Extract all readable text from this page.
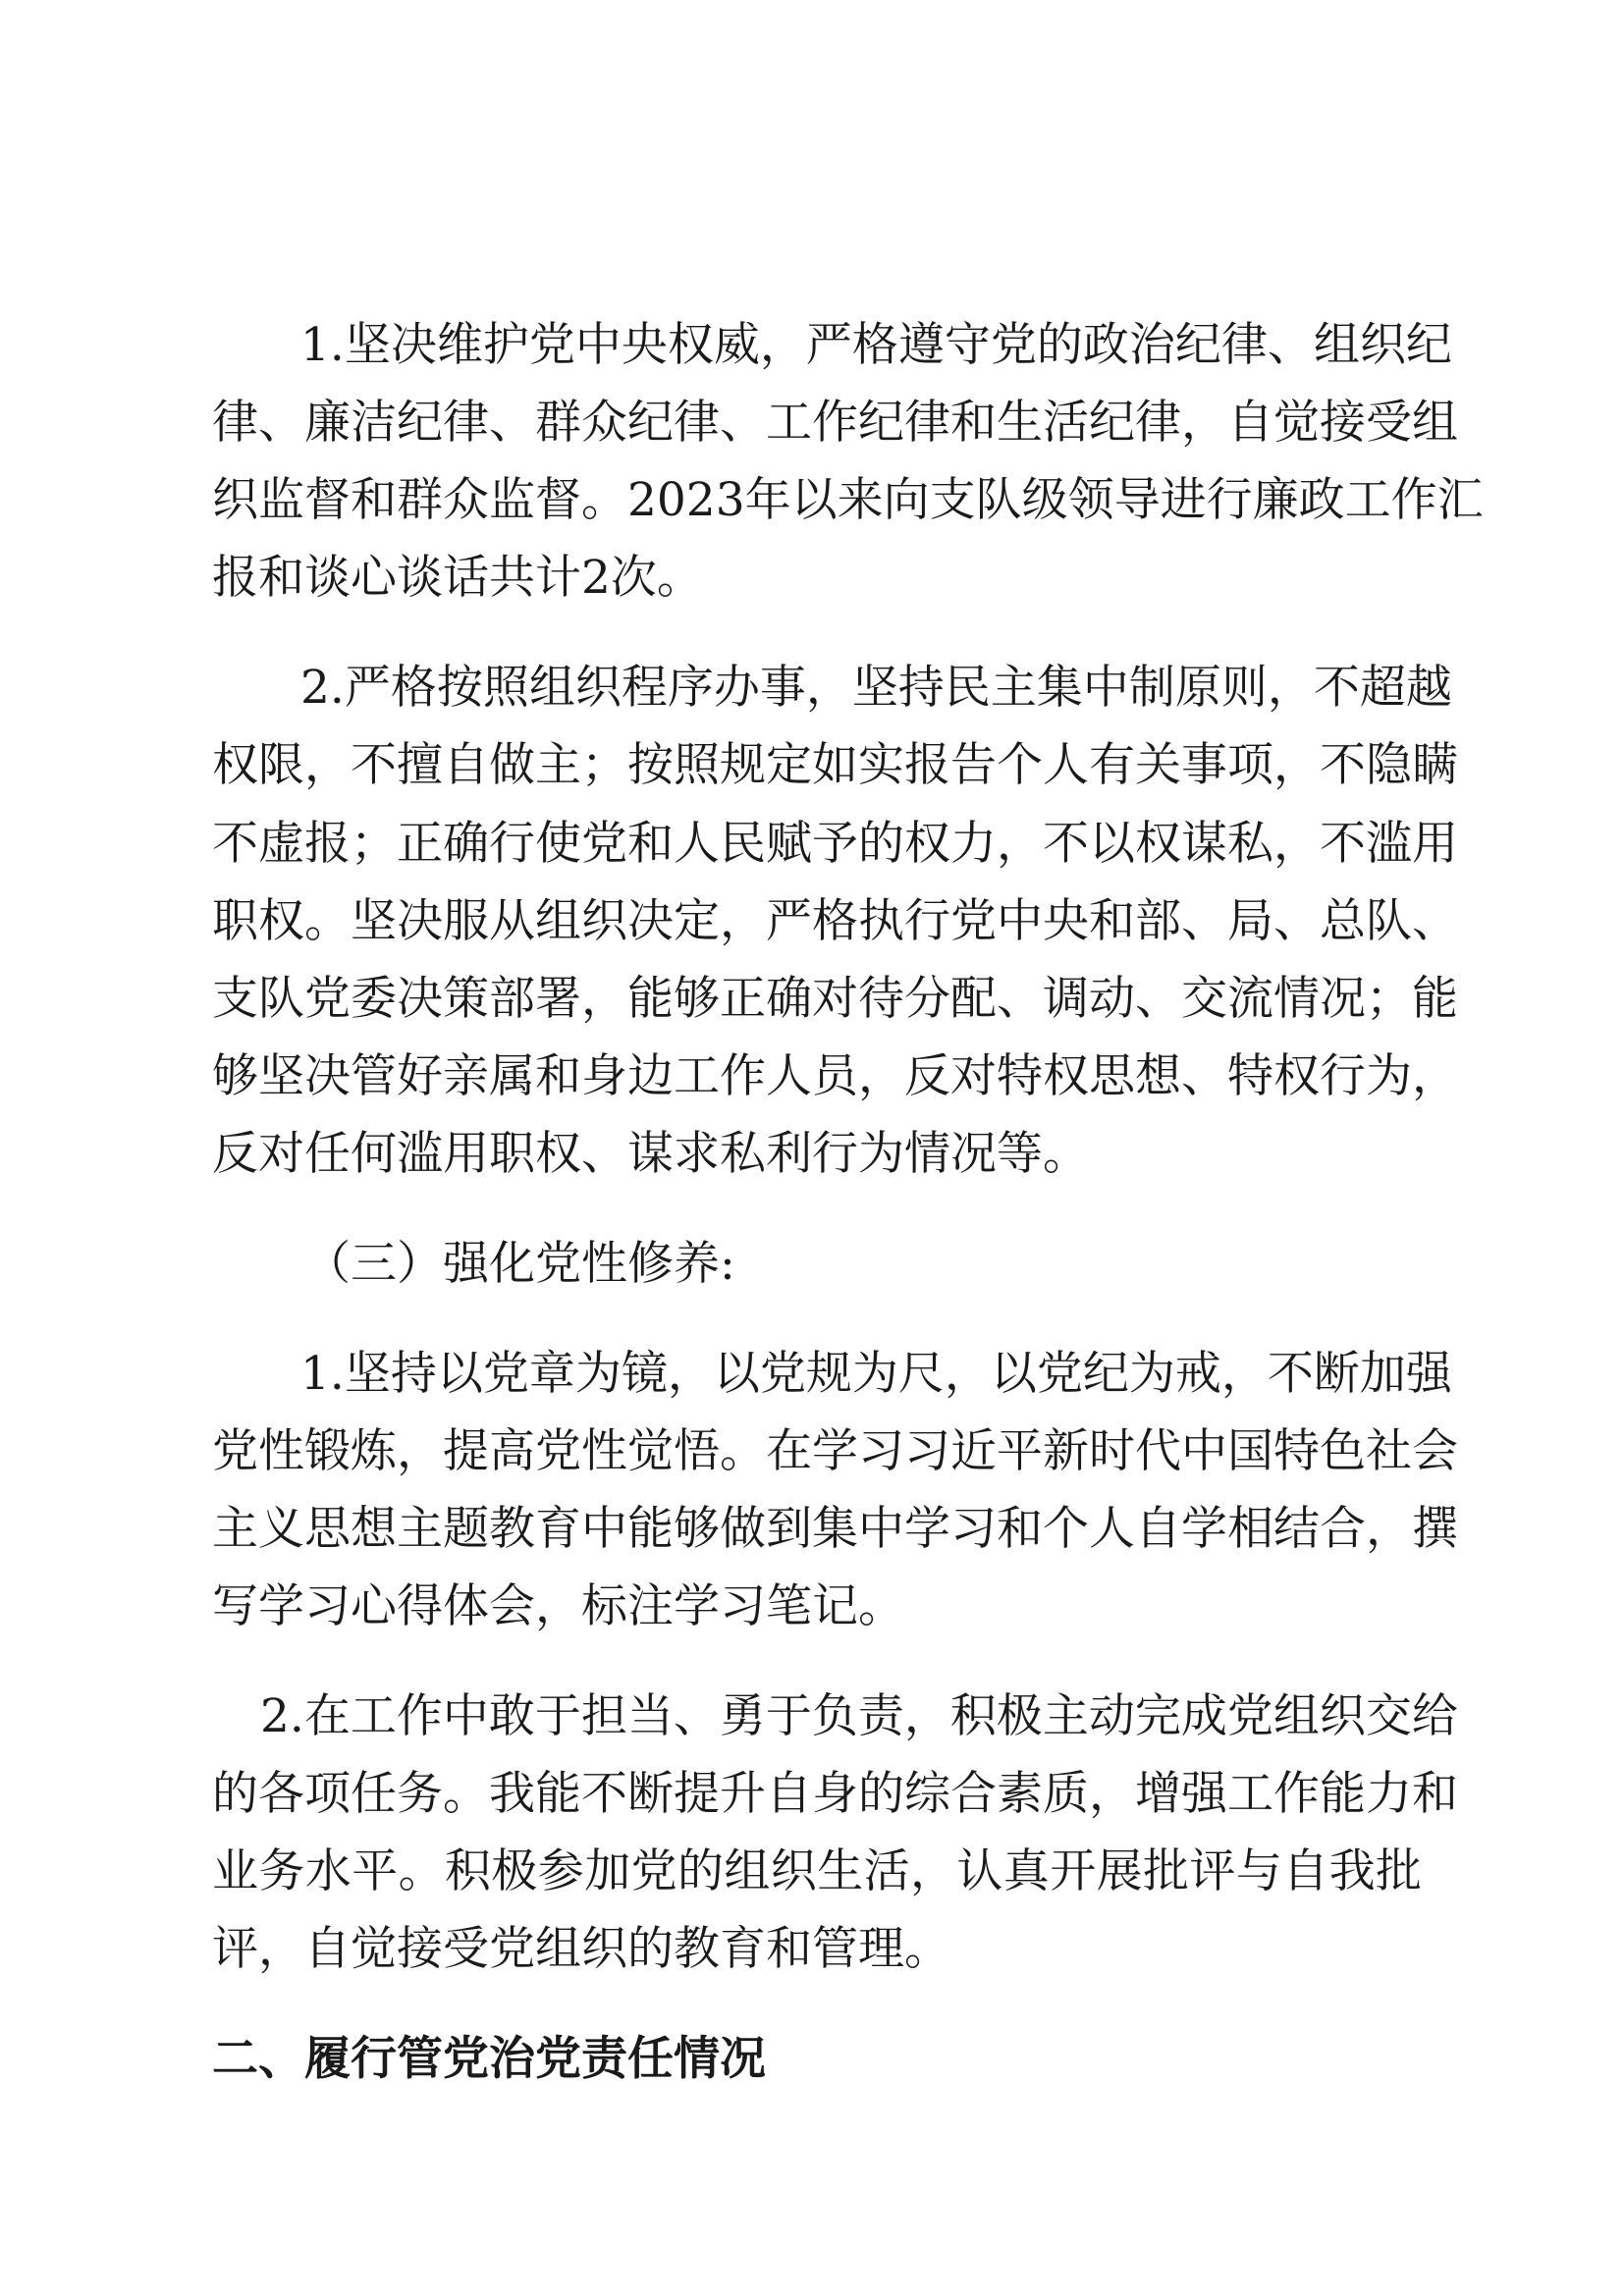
1.坚决维护党中央权威，严格遵守党的政治纪律、组织纪
律、廉洁纪律、群众纪律、工作纪律和生活纪律，自觉接受组
织监督和群众监督。2023年以来向支队级领导进行廉政工作汇
报和谈心谈话共计2次。
2.严格按照组织程序办事，坚持民主集中制原则，不超越
权限，不擅自做主；按照规定如实报告个人有关事项，不隐瞒
不虚报；正确行使党和人民赋予的权力，不以权谋私，不滥用
职权。坚决服从组织决定，严格执行党中央和部、局、总队、
支队党委决策部署，能够正确对待分配、调动、交流情况；能
够坚决管好亲属和身边工作人员，反对特权思想、特权行为，
反对任何滥用职权、谋求私利行为情况等。
（三）强化党性修养:
1.坚持以党章为镜，以党规为尺，以党纪为戒，不断加强
党性锻炼，提高党性觉悟。在学习习近平新时代中国特色社会
主义思想主题教育中能够做到集中学习和个人自学相结合，撰
写学习心得体会，标注学习笔记。
2.在工作中敢于担当、勇于负责，积极主动完成党组织交给
的各项任务。我能不断提升自身的综合素质，增强工作能力和
业务水平。积极参加党的组织生活，认真开展批评与自我批
评，自觉接受党组织的教育和管理。
二、履行管党治党责任情况
